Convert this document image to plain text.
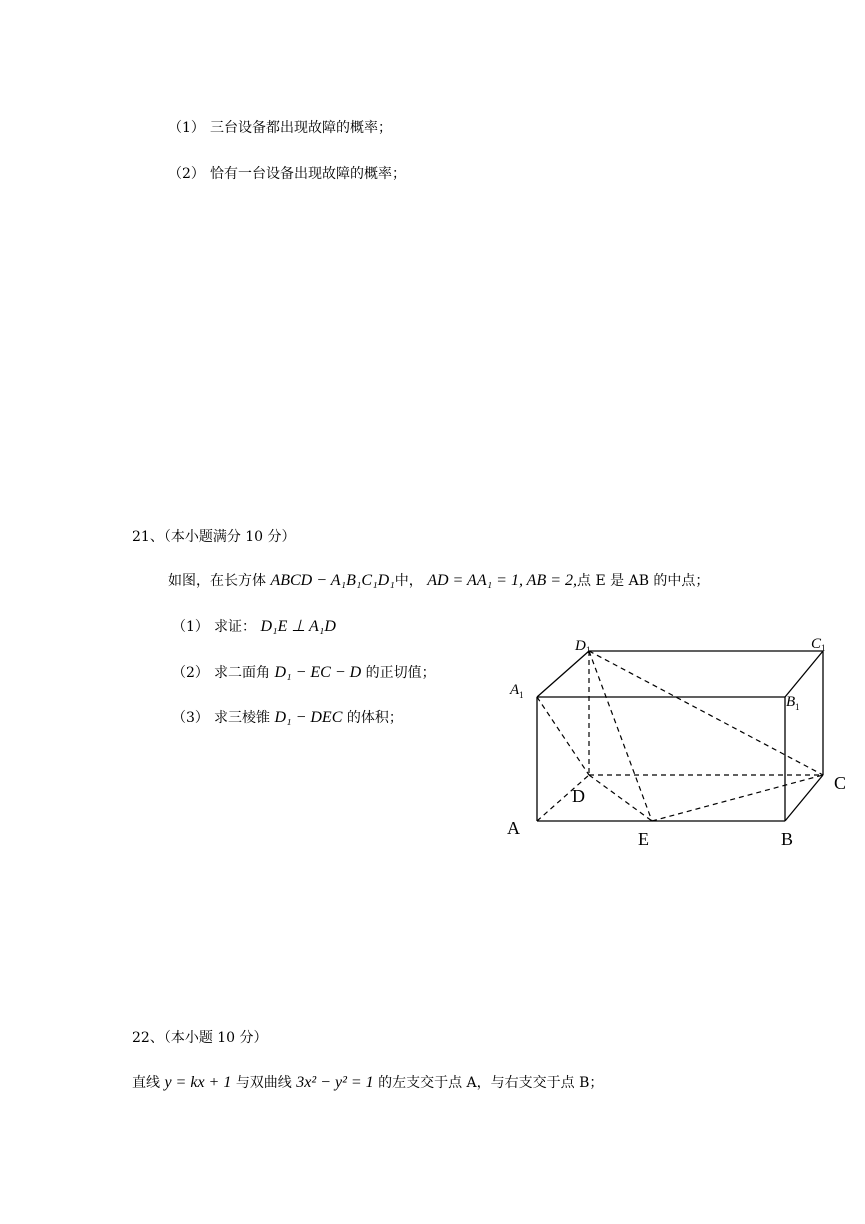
（1） 三台设备都出现故障的概率；
（2） 恰有一台设备出现故障的概率；
21、（本小题满分 10 分）
如图，在长方体 ABCD − A₁B₁C₁D₁中， AD = AA₁ = 1, AB = 2,点 E 是 AB 的中点；
（1） 求证： D₁E ⊥ A₁D
（2） 求二面角 D₁ − EC − D 的正切值；
（3） 求三棱锥 D₁ − DEC 的体积；
D 1	C 1
A 1	B 1
D
C
A
E	B
22、（本小题 10 分）
直线 y = kx + 1 与双曲线 3x² − y² = 1 的左支交于点 A，与右支交于点 B；
